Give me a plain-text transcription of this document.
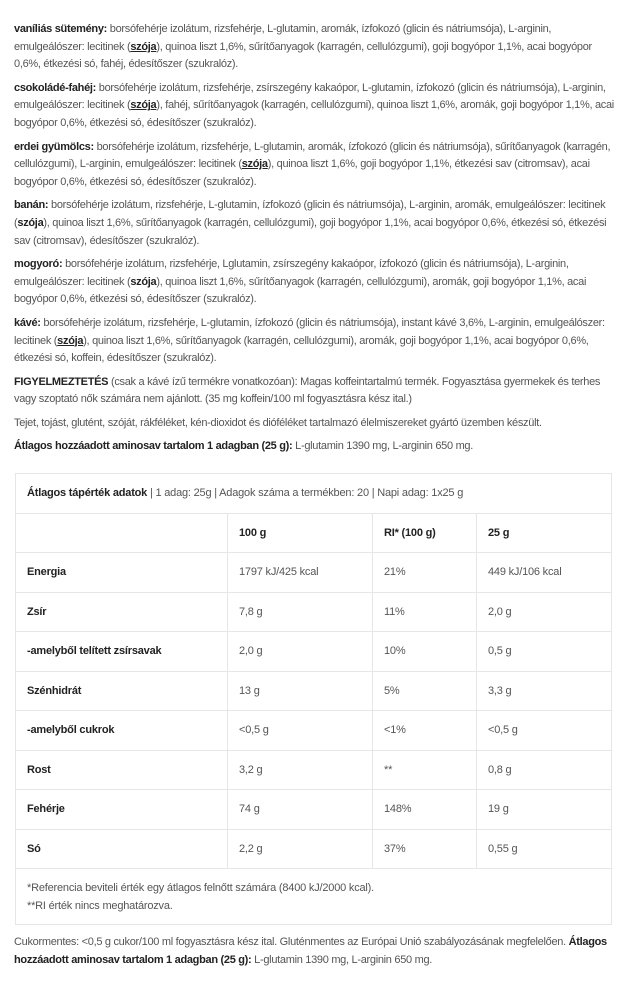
vaníliás sütemény: borsófehérje izolátum, rizsfehérje, L-glutamin, aromák, ízfokozó (glicin és nátriumsója), L-arginin, emulgeálószer: lecitinek (szója), quinoa liszt 1,6%, sűrítőanyagok (karragén, cellulózgumi), goji bogyópor 1,1%, acai bogyópor 0,6%, étkezési só, fahéj, édesítőszer (szukralóz).

csokoládé-fahéj: borsófehérje izolátum, rizsfehérje, zsírszegény kakaópor, L-glutamin, ízfokozó (glicin és nátriumsója), L-arginin, emulgeálószer: lecitinek (szója), fahéj, sűrítőanyagok (karragén, cellulózgumi), quinoa liszt 1,6%, aromák, goji bogyópor 1,1%, acai bogyópor 0,6%, étkezési só, édesítőszer (szukralóz).

erdei gyümölcs: borsófehérje izolátum, rizsfehérje, L-glutamin, aromák, ízfokozó (glicin és nátriumsója), sűrítőanyagok (karragén, cellulózgumi), L-arginin, emulgeálószer: lecitinek (szója), quinoa liszt 1,6%, goji bogyópor 1,1%, étkezési sav (citromsav), acai bogyópor 0,6%, étkezési só, édesítőszer (szukralóz).

banán: borsófehérje izolátum, rizsfehérje, L-glutamin, ízfokozó (glicin és nátriumsója), L-arginin, aromák, emulgeálószer: lecitinek (szója), quinoa liszt 1,6%, sűrítőanyagok (karragén, cellulózgumi), goji bogyópor 1,1%, acai bogyópor 0,6%, étkezési só, étkezési sav (citromsav), édesítőszer (szukralóz).

mogyoró: borsófehérje izolátum, rizsfehérje, Lglutamin, zsírszegény kakaópor, ízfokozó (glicin és nátriumsója), L-arginin, emulgeálószer: lecitinek (szója), quinoa liszt 1,6%, sűrítőanyagok (karragén, cellulózgumi), aromák, goji bogyópor 1,1%, acai bogyópor 0,6%, étkezési só, édesítőszer (szukralóz).

kávé: borsófehérje izolátum, rizsfehérje, L-glutamin, ízfokozó (glicin és nátriumsója), instant kávé 3,6%, L-arginin, emulgeálószer: lecitinek (szója), quinoa liszt 1,6%, sűrítőanyagok (karragén, cellulózgumi), aromák, goji bogyópor 1,1%, acai bogyópor 0,6%, étkezési só, koffein, édesítőszer (szukralóz).

FIGYELMEZTETÉS (csak a kávé ízű termékre vonatkozóan): Magas koffeintartalmú termék. Fogyasztása gyermekek és terhes vagy szoptató nők számára nem ajánlott. (35 mg koffein/100 ml fogyasztásra kész ital.)

Tejet, tojást, glutént, szóját, rákféléket, kén-dioxidot és dióféléket tartalmazó élelmiszereket gyártó üzemben készült.

Átlagos hozzáadott aminosav tartalom 1 adagban (25 g): L-glutamin 1390 mg, L-arginin 650 mg.

Átlagos tápérték adatok | 1 adag: 25g | Adagok száma a termékben: 20 | Napi adag: 1x25 g			
	100 g	RI* (100 g)	25 g
Energia	1797 kJ/425 kcal	21%	449 kJ/106 kcal
Zsír	7,8 g	11%	2,0 g
-amelyből telített zsírsavak	2,0 g	10%	0,5 g
Szénhidrát	13 g	5%	3,3 g
-amelyből cukrok	<0,5 g	<1%	<0,5 g
Rost	3,2 g	**	0,8 g
Fehérje	74 g	148%	19 g
Só	2,2 g	37%	0,55 g

*Referencia beviteli érték egy átlagos felnőtt számára (8400 kJ/2000 kcal).
**RI érték nincs meghatározva.			
Cukormentes: <0,5 g cukor/100 ml fogyasztásra kész ital. Gluténmentes az Európai Unió szabályozásának megfelelően. Átlagos hozzáadott aminosav tartalom 1 adagban (25 g): L-glutamin 1390 mg, L-arginin 650 mg.
